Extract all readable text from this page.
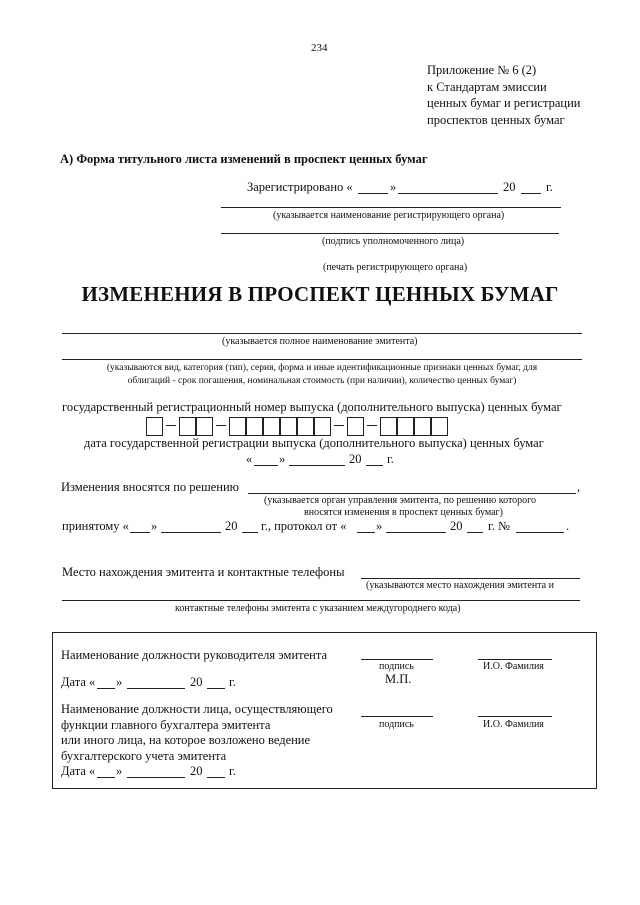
234
Приложение № 6 (2)
к Стандартам эмиссии
ценных бумаг и регистрации
проспектов ценных бумаг
А) Форма титульного листа изменений в проспект ценных бумаг
Зарегистрировано «	»	20 г.
(указывается наименование регистрирующего органа)
(подпись уполномоченного лица)
(печать регистрирующего органа)
ИЗМЕНЕНИЯ В ПРОСПЕКТ ЦЕННЫХ БУМАГ
(указывается полное наименование эмитента)
(указываются вид, категория (тип), серия, форма и иные идентификационные признаки ценных бумаг, для
облигаций - срок погашения, номинальная стоимость (при наличии), количество ценных бумаг)
государственный регистрационный номер выпуска (дополнительного выпуска) ценных бумаг
дата государственной регистрации выпуска (дополнительного выпуска) ценных бумаг
« »	20 г.
Изменения вносятся по решению	,
(указывается орган управления эмитента, по решению которого
вносятся изменения в проспект ценных бумаг)
принятому « »	20 г., протокол от « »	20 г. №	.
Место нахождения эмитента и контактные телефоны
(указываются место нахождения эмитента и
контактные телефоны эмитента с указанием междугороднего кода)
Наименование должности руководителя эмитента
подпись	И.О. Фамилия
Дата « »	20 г.	М.П.
Наименование должности лица, осуществляющего
функции главного бухгалтера эмитента
или иного лица, на которое возложено ведение
бухгалтерского учета эмитента
подпись	И.О. Фамилия
Дата « »	20 г.
